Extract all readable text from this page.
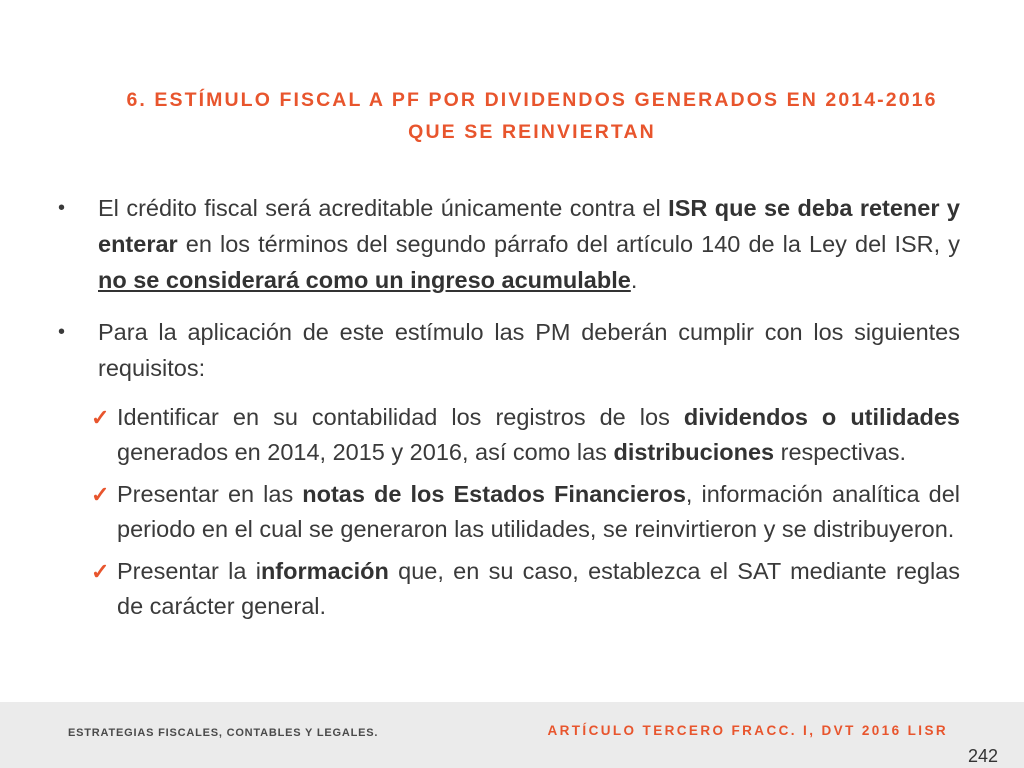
6. ESTÍMULO FISCAL A PF POR DIVIDENDOS GENERADOS EN 2014-2016
QUE SE REINVIERTAN

• El crédito fiscal será acreditable únicamente contra el ISR que se deba retener y enterar en los términos del segundo párrafo del artículo 140 de la Ley del ISR, y no se considerará como un ingreso acumulable.

• Para la aplicación de este estímulo las PM deberán cumplir con los siguientes requisitos:

✓ Identificar en su contabilidad los registros de los dividendos o utilidades generados en 2014, 2015 y 2016, así como las distribuciones respectivas.

✓ Presentar en las notas de los Estados Financieros, información analítica del periodo en el cual se generaron las utilidades, se reinvirtieron y se distribuyeron.

✓ Presentar la información que, en su caso, establezca el SAT mediante reglas de carácter general.

ESTRATEGIAS FISCALES, CONTABLES Y LEGALES.	ARTÍCULO TERCERO FRACC. I, DVT 2016 LISR
242
